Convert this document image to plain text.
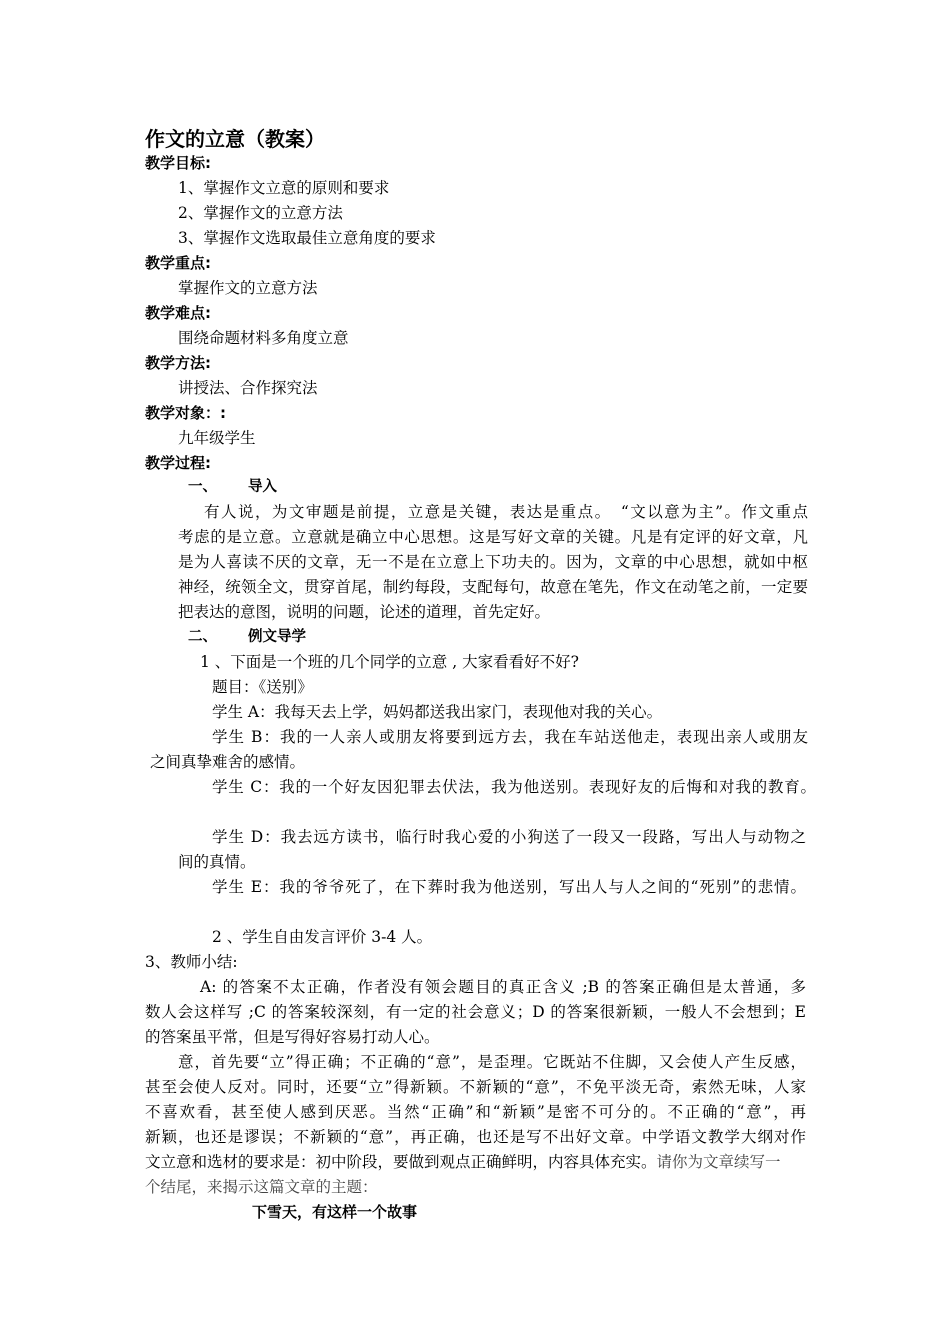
作文的立意（教案）
教学目标:
1、掌握作文立意的原则和要求
2、掌握作文的立意方法
3、掌握作文选取最佳立意角度的要求
教学重点:
掌握作文的立意方法
教学难点:
围绕命题材料多角度立意
教学方法:
讲授法、合作探究法
教学对象：:
九年级学生
教学过程:
一、 导入
有人说，为文审题是前提，立意是关键，表达是重点。　“文以意为主”。作文重点
考虑的是立意。立意就是确立中心思想。这是写好文章的关键。凡是有定评的好文章，凡
是为人喜读不厌的文章，无一不是在立意上下功夫的。因为，文章的中心思想，就如中枢
神经，统领全文，贯穿首尾，制约每段，支配每句，故意在笔先，作文在动笔之前，一定要
把表达的意图，说明的问题，论述的道理，首先定好。
二、 例文导学
1 、下面是一个班的几个同学的立意 , 大家看看好不好?
题目：《送别》
学生 A：我每天去上学，妈妈都送我出家门，表现他对我的关心。
学生 B：我的一人亲人或朋友将要到远方去，我在车站送他走，表现出亲人或朋友
之间真挚难舍的感情。
学生 C：我的一个好友因犯罪去伏法，我为他送别。表现好友的后悔和对我的教育。
学生 D：我去远方读书，临行时我心爱的小狗送了一段又一段路，写出人与动物之
间的真情。
学生 E：我的爷爷死了，在下葬时我为他送别，写出人与人之间的“死别”的悲情。
2 、学生自由发言评价 3-4 人。
3、教师小结:
A: 的答案不太正确，作者没有领会题目的真正含义 ;B 的答案正确但是太普通，多
数人会这样写 ;C 的答案较深刻，有一定的社会意义；D 的答案很新颖，一般人不会想到；E
的答案虽平常，但是写得好容易打动人心。
意，首先要“立”得正确；不正确的“意”，是歪理。它既站不住脚，又会使人产生反感，
甚至会使人反对。同时，还要“立”得新颖。不新颖的“意”，不免平淡无奇，索然无味，人家
不喜欢看，甚至使人感到厌恶。当然“正确”和“新颖”是密不可分的。不正确的“意”，再
新颖，也还是谬误；不新颖的“意”，再正确，也还是写不出好文章。中学语文教学大纲对作
文立意和选材的要求是：初中阶段，要做到观点正确鲜明，内容具体充实。请你为文章续写一
个结尾，来揭示这篇文章的主题：
下雪天，有这样一个故事
